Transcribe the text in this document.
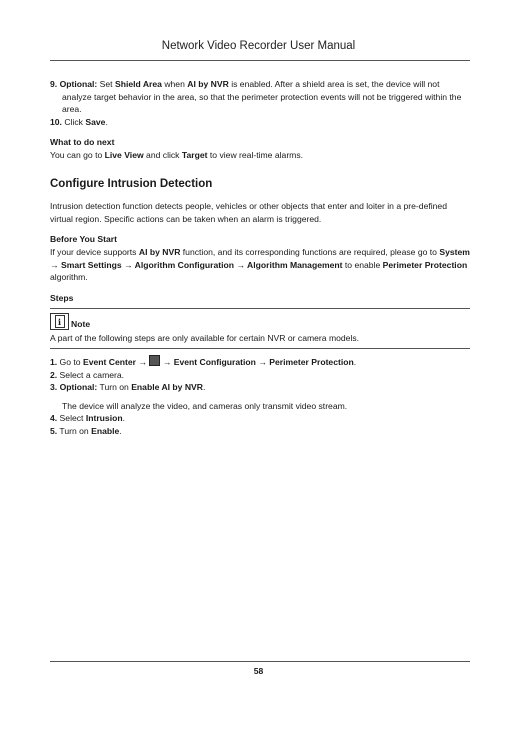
Network Video Recorder User Manual

9. Optional: Set Shield Area when AI by NVR is enabled. After a shield area is set, the device will not analyze target behavior in the area, so that the perimeter protection events will not be triggered within the area.

10. Click Save.

What to do next

You can go to Live View and click Target to view real-time alarms.

Configure Intrusion Detection

Intrusion detection function detects people, vehicles or other objects that enter and loiter in a pre-defined virtual region. Specific actions can be taken when an alarm is triggered.

Before You Start

If your device supports AI by NVR function, and its corresponding functions are required, please go to System → Smart Settings → Algorithm Configuration → Algorithm Management to enable Perimeter Protection algorithm.

Steps

i	Note

A part of the following steps are only available for certain NVR or camera models.

1. Go to Event Center →  → Event Configuration → Perimeter Protection.

2. Select a camera.

3. Optional: Turn on Enable AI by NVR.

The device will analyze the video, and cameras only transmit video stream.

4. Select Intrusion.

5. Turn on Enable.

58
